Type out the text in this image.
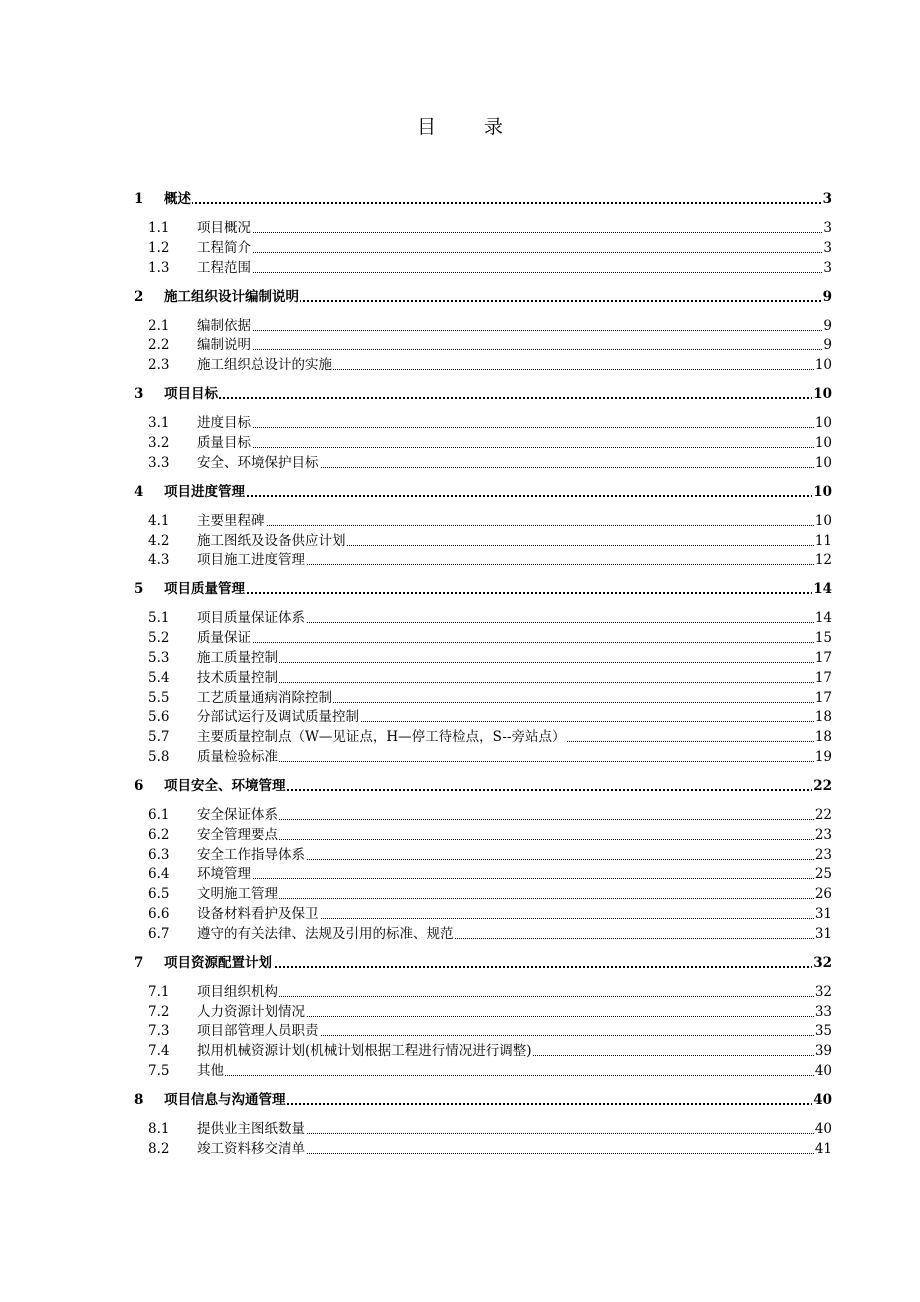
目	录
1 概述	3
1.1 项目概况	3
1.2 工程简介	3
1.3 工程范围	3
2 施工组织设计编制说明	9
2.1 编制依据	9
2.2 编制说明	9
2.3 施工组织总设计的实施	10
3 项目目标	10
3.1 进度目标	10
3.2 质量目标	10
3.3 安全、环境保护目标	10
4 项目进度管理	10
4.1 主要里程碑	10
4.2 施工图纸及设备供应计划	11
4.3 项目施工进度管理	12
5 项目质量管理	14
5.1 项目质量保证体系	14
5.2 质量保证	15
5.3 施工质量控制	17
5.4 技术质量控制	17
5.5 工艺质量通病消除控制	17
5.6 分部试运行及调试质量控制	18
5.7 主要质量控制点（W—见证点，H—停工待检点，S--旁站点）	18
5.8 质量检验标准	19
6 项目安全、环境管理	22
6.1 安全保证体系	22
6.2 安全管理要点	23
6.3 安全工作指导体系	23
6.4 环境管理	25
6.5 文明施工管理	26
6.6 设备材料看护及保卫	31
6.7 遵守的有关法律、法规及引用的标准、规范	31
7 项目资源配置计划	32
7.1 项目组织机构	32
7.2 人力资源计划情况	33
7.3 项目部管理人员职责	35
7.4 拟用机械资源计划(机械计划根据工程进行情况进行调整)	39
7.5 其他	40
8 项目信息与沟通管理	40
8.1 提供业主图纸数量	40
8.2 竣工资料移交清单	41
